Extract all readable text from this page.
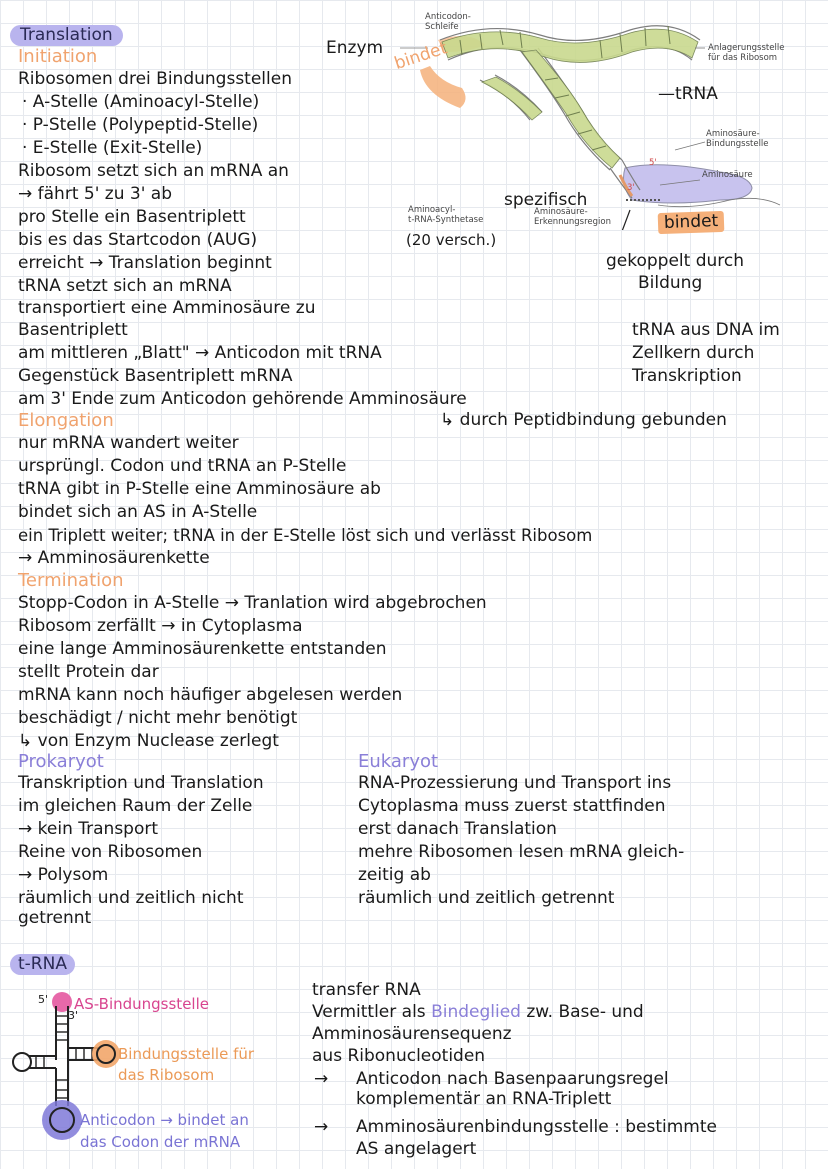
Translation
Initiation
Ribosomen drei Bindungsstellen
· A-Stelle (Aminoacyl-Stelle)
· P-Stelle (Polypeptid-Stelle)
· E-Stelle (Exit-Stelle)
Ribosom setzt sich an mRNA an
→ fährt 5' zu 3' ab
pro Stelle ein Basentriplett
bis es das Startcodon (AUG)
erreicht → Translation beginnt
tRNA setzt sich an mRNA
transportiert eine Amminosäure zu
Basentriplett
am mittleren „Blatt" → Anticodon mit tRNA
Gegenstück Basentriplett mRNA
am 3' Ende zum Anticodon gehörende Amminosäure
↳ durch Peptidbindung gebunden
tRNA aus DNA im
Zellkern durch
Transkription
Elongation
nur mRNA wandert weiter
ursprüngl. Codon und tRNA an P-Stelle
tRNA gibt in P-Stelle eine Amminosäure ab
bindet sich an AS in A-Stelle
ein Triplett weiter; tRNA in der E-Stelle löst sich und verlässt Ribosom
→ Amminosäurenkette
Termination
Stopp-Codon in A-Stelle → Tranlation wird abgebrochen
Ribosom zerfällt → in Cytoplasma
eine lange Amminosäurenkette entstanden
stellt Protein dar
mRNA kann noch häufiger abgelesen werden
beschädigt / nicht mehr benötigt
↳ von Enzym Nuclease zerlegt
Prokaryot
Transkription und Translation
im gleichen Raum der Zelle
→ kein Transport
Reine von Ribosomen
→ Polysom
räumlich und zeitlich nicht
getrennt
Eukaryot
RNA-Prozessierung und Transport ins
Cytoplasma muss zuerst stattfinden
erst danach Translation
mehre Ribosomen lesen mRNA gleich-
zeitig ab
räumlich und zeitlich getrennt
Anticodon-
Schleife
Anlagerungsstelle
für das Ribosom
Aminosäure-
Bindungsstelle
Aminosäure
Aminoacyl-
t-RNA-Synthetase
Aminosäure-
Erkennungsregion
5'
3'
Enzym bindet
—tRNA
spezifisch
bindet
(20 versch.)
gekoppelt durch
Bildung
t-RNA
5'
3'
AS-Bindungsstelle
Bindungsstelle für
das Ribosom
Anticodon → bindet an
das Codon der mRNA
transfer RNA
Vermittler als Bindeglied zw. Base- und
Amminosäurensequenz
aus Ribonucleotiden
→ Anticodon nach Basenpaarungsregel
komplementär an RNA-Triplett
→ Amminosäurenbindungsstelle : bestimmte
AS angelagert
